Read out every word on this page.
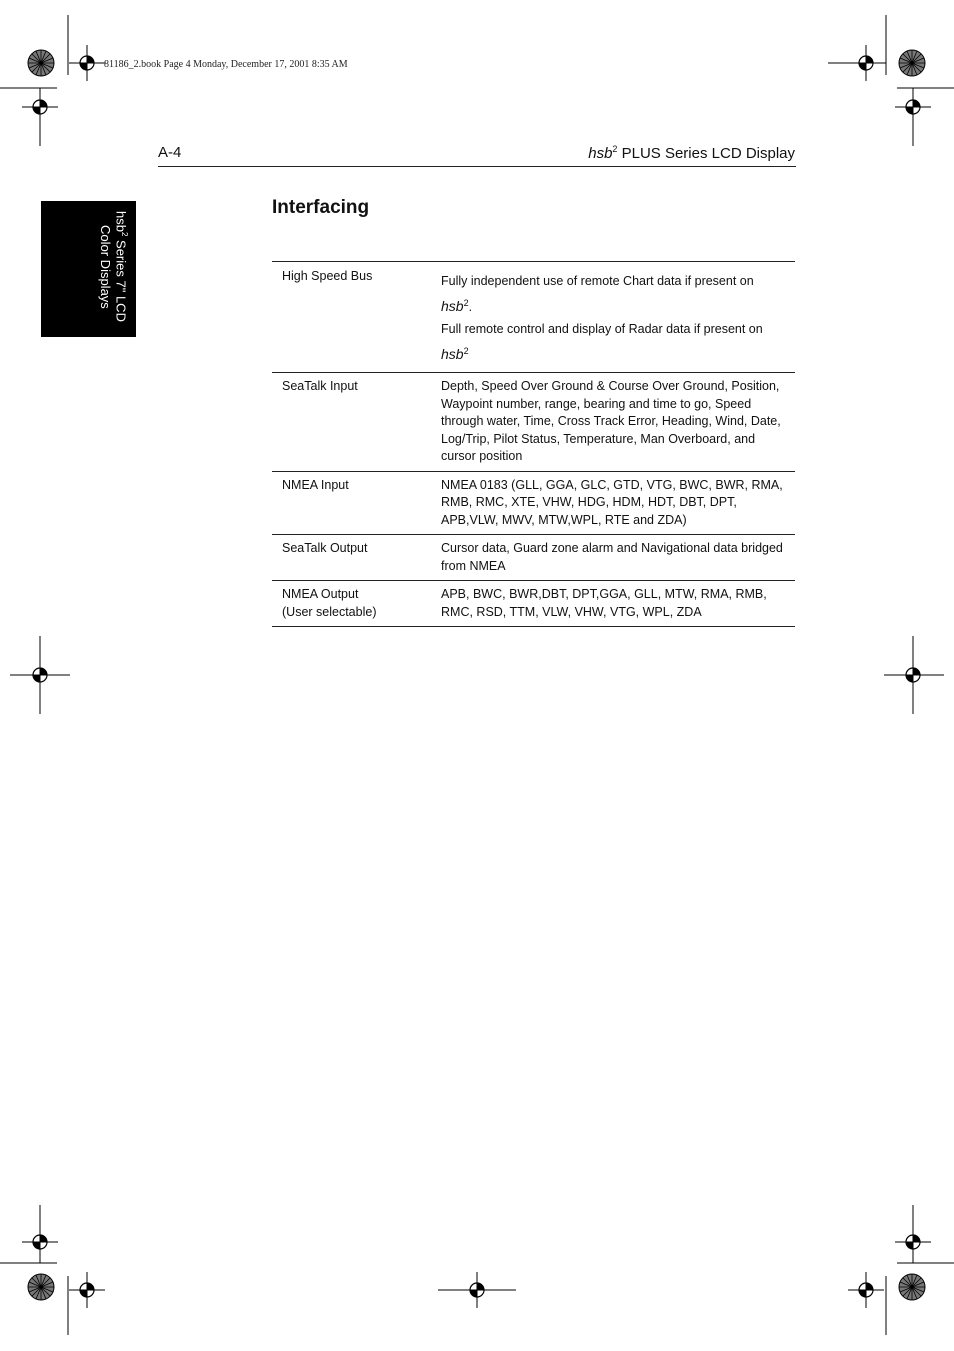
81186_2.book Page 4 Monday, December 17, 2001 8:35 AM
A-4	hsb$^2$ PLUS Series LCD Display
hsb$^2$ Series 7" LCD
Color Displays
Interfacing
High Speed Bus	Fully independent use of remote Chart data if present on hsb$^2$.
Full remote control and display of Radar data if present on hsb$^2$

SeaTalk Input	Depth, Speed Over Ground & Course Over Ground, Position, Waypoint number, range, bearing and time to go, Speed through water, Time, Cross Track Error, Heading, Wind, Date, Log/Trip, Pilot Status, Temperature, Man Overboard, and cursor position
NMEA Input	NMEA 0183 (GLL, GGA, GLC, GTD, VTG, BWC, BWR, RMA, RMB, RMC, XTE, VHW, HDG, HDM, HDT, DBT, DPT, APB,VLW, MWV, MTW,WPL, RTE and ZDA)
SeaTalk Output	Cursor data, Guard zone alarm and Navigational data bridged from NMEA

NMEA Output
(User selectable)	APB, BWC, BWR,DBT, DPT,GGA, GLL, MTW, RMA, RMB, RMC, RSD, TTM, VLW, VHW, VTG, WPL, ZDA
